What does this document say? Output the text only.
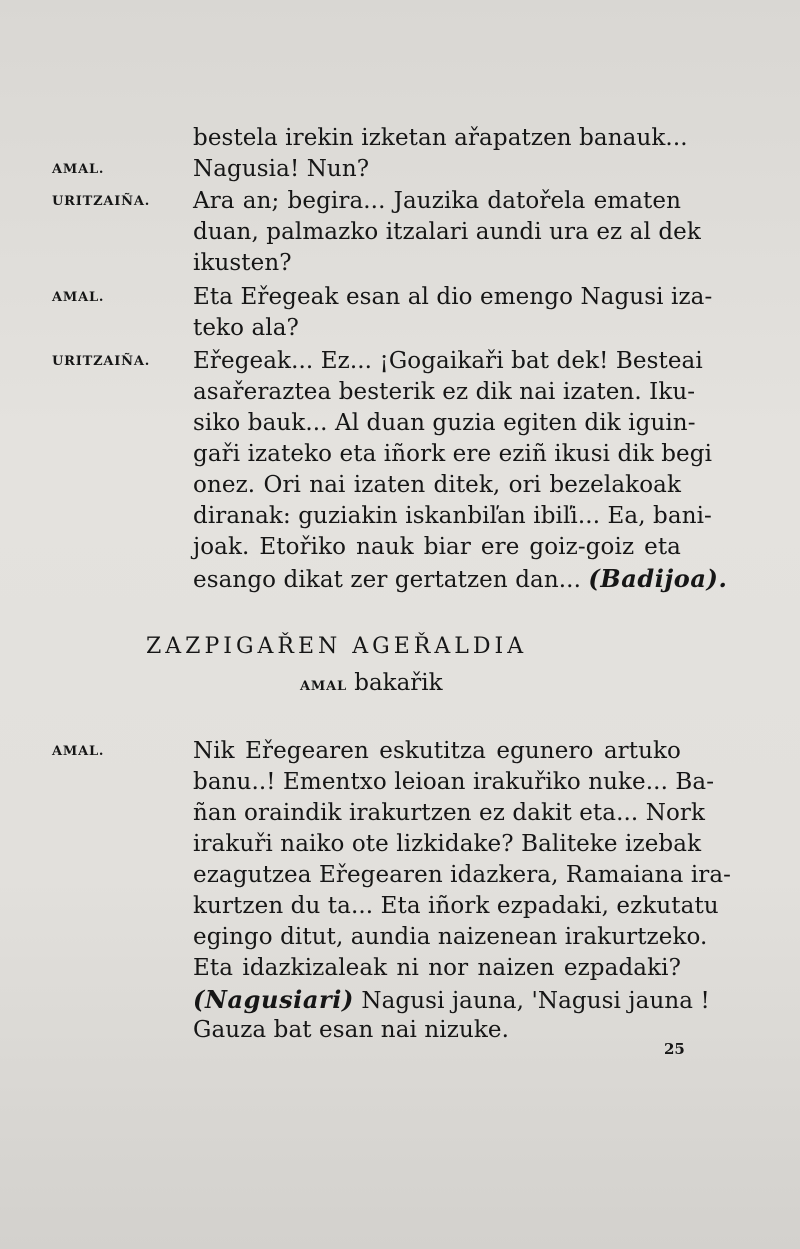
bestela irekin izketan ařapatzen banauk...
AMAL.	Nagusia! Nun?
URITZAIÑA. Ara an; begira... Jauzika datořela ematen
duan, palmazko itzalari aundi ura ez al dek
ikusten?
AMAL.	Eta Eřegeak esan al dio emengo Nagusi iza-
teko ala?
URITZAIÑA. Eřegeak... Ez... ¡Gogaikaři bat dek! Besteai
asařeraztea besterik ez dik nai izaten. Iku-
siko bauk... Al duan guzia egiten dik iguin-
gaři izateko eta iñork ere eziñ ikusi dik begi
onez. Ori nai izaten ditek, ori bezelakoak
diranak: guziakin iskanbiľan ibiľi... Ea, bani-
joak. Etořiko nauk biar ere goiz-goiz eta
esango dikat zer gertatzen dan... (Badijoa).
ZAZPIGAŘEN AGEŘALDIA
AMAL bakařik
AMAL.	Nik Eřegearen eskutitza egunero artuko
banu..! Ementxo leioan irakuřiko nuke... Ba-
ñan oraindik irakurtzen ez dakit eta... Nork
irakuři naiko ote lizkidake? Baliteke izebak
ezagutzea Eřegearen idazkera, Ramaiana ira-
kurtzen du ta... Eta iñork ezpadaki, ezkutatu
egingo ditut, aundia naizenean irakurtzeko.
Eta idazkizaleak ni nor naizen ezpadaki?
(Nagusiari) Nagusi jauna, 'Nagusi jauna !
Gauza bat esan nai nizuke.
25
